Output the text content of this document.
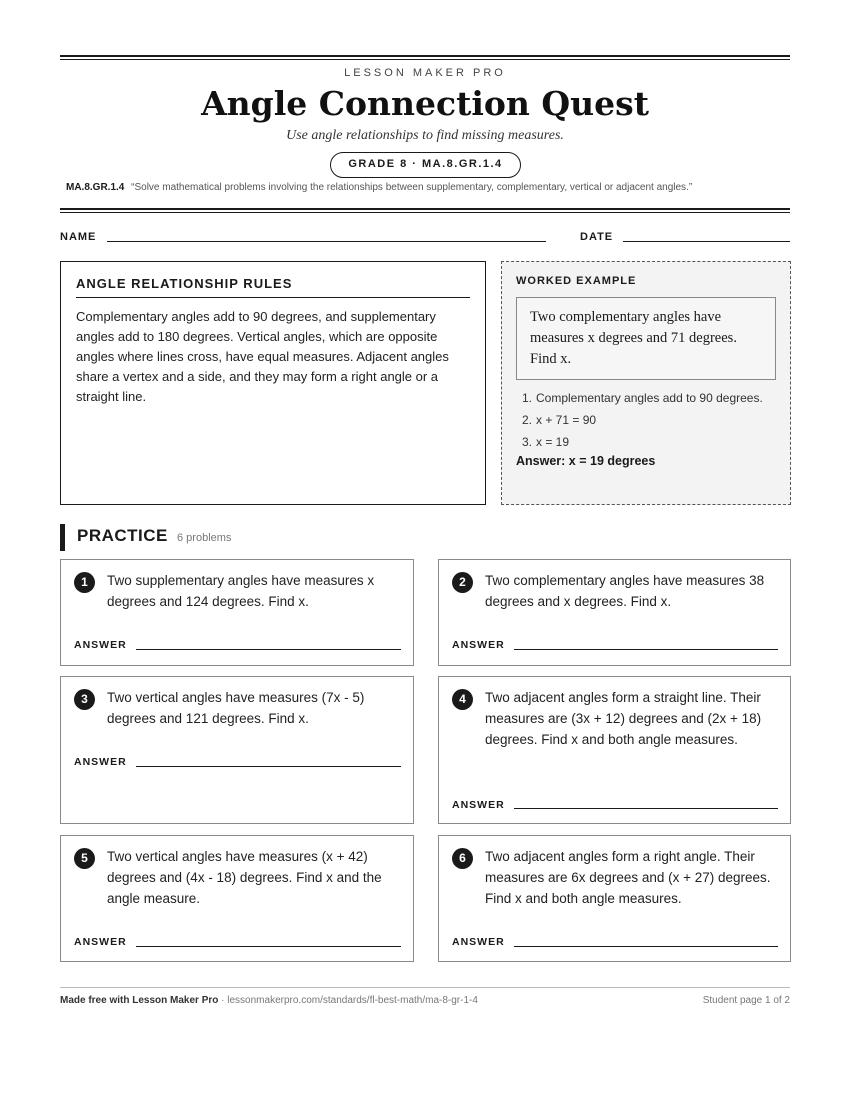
LESSON MAKER PRO
Angle Connection Quest
Use angle relationships to find missing measures.
GRADE 8 · MA.8.GR.1.4
MA.8.GR.1.4 “Solve mathematical problems involving the relationships between supplementary, complementary, vertical or adjacent angles.”
NAME	DATE
ANGLE RELATIONSHIP RULES
Complementary angles add to 90 degrees, and supplementary angles add to 180 degrees. Vertical angles, which are opposite angles where lines cross, have equal measures. Adjacent angles share a vertex and a side, and they may form a right angle or a straight line.
WORKED EXAMPLE
Two complementary angles have measures x degrees and 71 degrees. Find x.
1. Complementary angles add to 90 degrees.
2. x + 71 = 90
3. x = 19
Answer: x = 19 degrees
PRACTICE 6 problems
1	Two supplementary angles have measures x degrees and 124 degrees. Find x.
ANSWER
2	Two complementary angles have measures 38 degrees and x degrees. Find x.
ANSWER
3	Two vertical angles have measures (7x - 5) degrees and 121 degrees. Find x.
ANSWER
4	Two adjacent angles form a straight line. Their measures are (3x + 12) degrees and (2x + 18) degrees. Find x and both angle measures.
ANSWER
5	Two vertical angles have measures (x + 42) degrees and (4x - 18) degrees. Find x and the angle measure.
ANSWER
6	Two adjacent angles form a right angle. Their measures are 6x degrees and (x + 27) degrees. Find x and both angle measures.
ANSWER
Made free with Lesson Maker Pro · lessonmakerpro.com/standards/fl-best-math/ma-8-gr-1-4	Student page 1 of 2
